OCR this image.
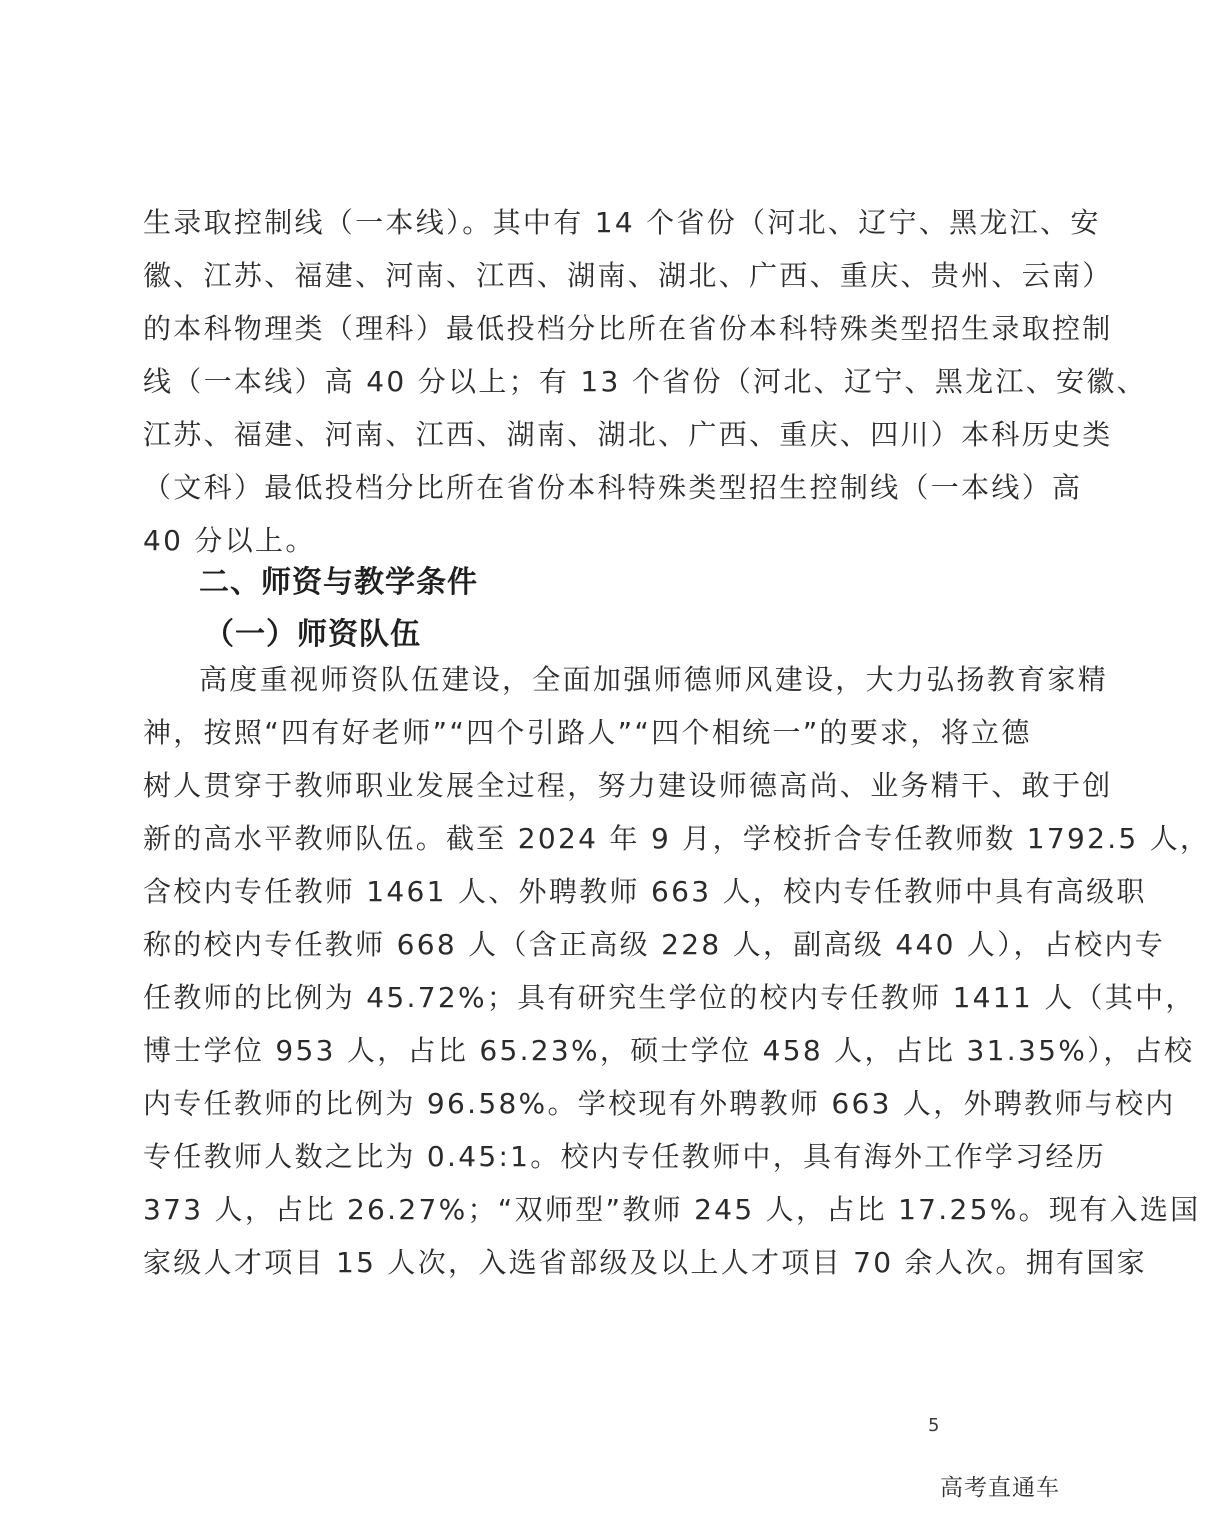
生录取控制线（一本线）。其中有 14 个省份（河北、辽宁、黑龙江、安
徽、江苏、福建、河南、江西、湖南、湖北、广西、重庆、贵州、云南）
的本科物理类（理科）最低投档分比所在省份本科特殊类型招生录取控制
线（一本线）高 40 分以上；有 13 个省份（河北、辽宁、黑龙江、安徽、
江苏、福建、河南、江西、湖南、湖北、广西、重庆、四川）本科历史类
（文科）最低投档分比所在省份本科特殊类型招生控制线（一本线）高
40 分以上。
二、师资与教学条件
（一）师资队伍
高度重视师资队伍建设，全面加强师德师风建设，大力弘扬教育家精
神，按照“四有好老师”“四个引路人”“四个相统一”的要求，将立德
树人贯穿于教师职业发展全过程，努力建设师德高尚、业务精干、敢于创
新的高水平教师队伍。截至 2024 年 9 月，学校折合专任教师数 1792.5 人，
含校内专任教师 1461 人、外聘教师 663 人，校内专任教师中具有高级职
称的校内专任教师 668 人（含正高级 228 人，副高级 440 人），占校内专
任教师的比例为 45.72%；具有研究生学位的校内专任教师 1411 人（其中，
博士学位 953 人，占比 65.23%，硕士学位 458 人，占比 31.35%），占校
内专任教师的比例为 96.58%。学校现有外聘教师 663 人，外聘教师与校内
专任教师人数之比为 0.45:1。校内专任教师中，具有海外工作学习经历
373 人，占比 26.27%；“双师型”教师 245 人，占比 17.25%。现有入选国
家级人才项目 15 人次，入选省部级及以上人才项目 70 余人次。拥有国家
5
高考直通车
